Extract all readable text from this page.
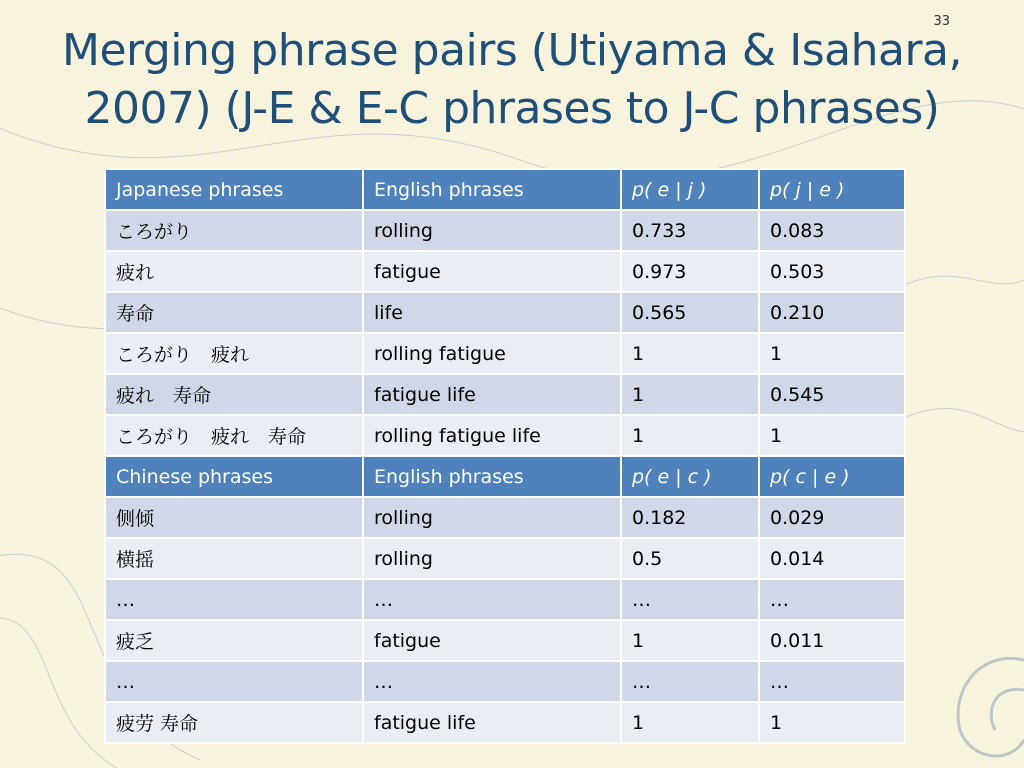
33
Merging phrase pairs (Utiyama & Isahara, 2007) (J-E & E-C phrases to J-C phrases)
Japanese phrases	English phrases	p( e | j )	p( j | e )
ころがり	rolling	0.733	0.083
疲れ	fatigue	0.973	0.503
寿命	life	0.565	0.210
ころがり　疲れ	rolling fatigue	1	1
疲れ　寿命	fatigue life	1	0.545

ころがり　疲れ　寿命	rolling fatigue life	1	1
Chinese phrases	English phrases	p( e | c )	p( c | e )
侧倾	rolling	0.182	0.029
横摇	rolling	0.5	0.014
…	…	…	…
疲乏	fatigue	1	0.011
…	…	…	…
疲劳 寿命	fatigue life	1	1
